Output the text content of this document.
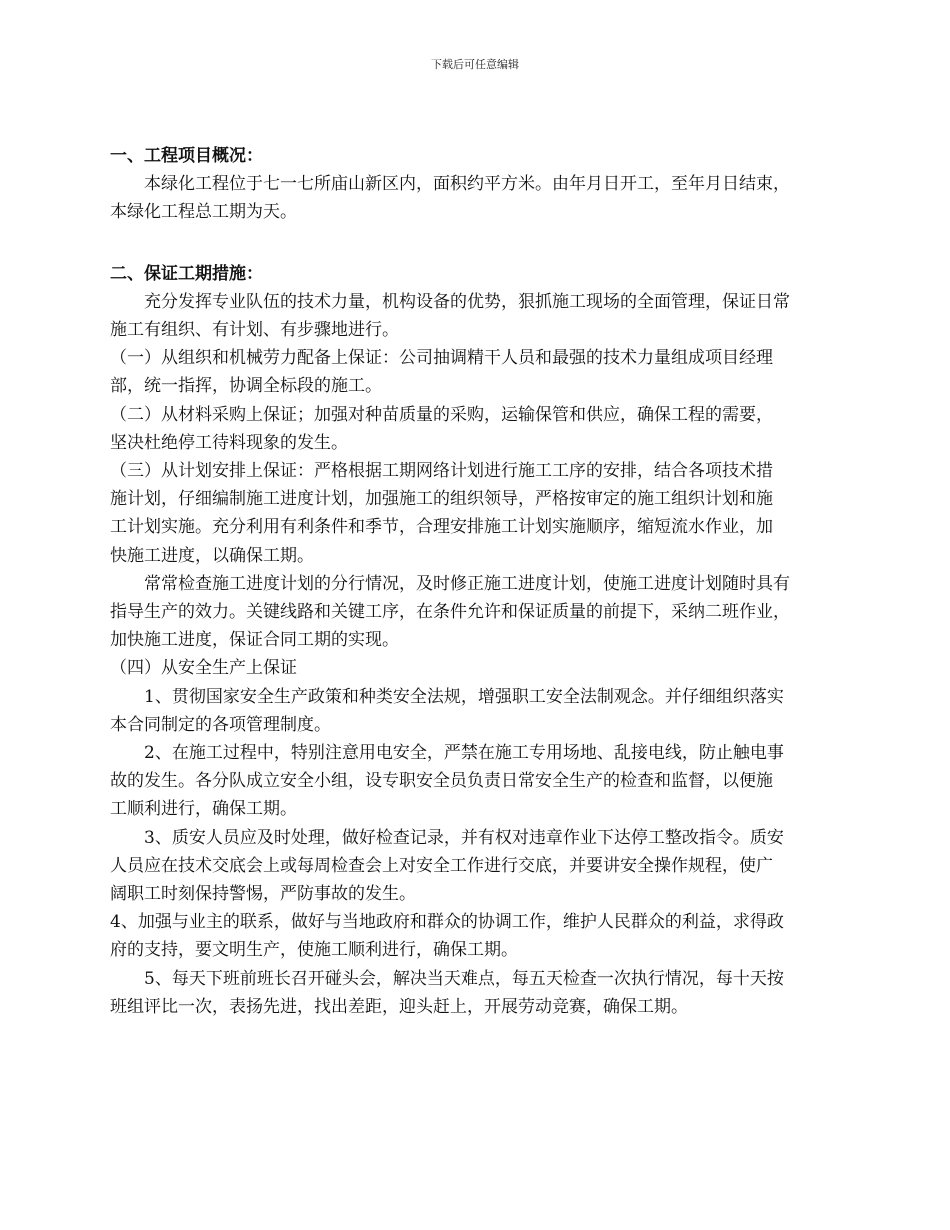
下载后可任意编辑

一、工程项目概况：

本绿化工程位于七一七所庙山新区内，面积约平方米。由年月日开工，至年月日结束，

本绿化工程总工期为天。

二、保证工期措施：

充分发挥专业队伍的技术力量，机构设备的优势，狠抓施工现场的全面管理，保证日常

施工有组织、有计划、有步骤地进行。

（一）从组织和机械劳力配备上保证：公司抽调精干人员和最强的技术力量组成项目经理

部，统一指挥，协调全标段的施工。

（二）从材料采购上保证；加强对种苗质量的采购，运输保管和供应，确保工程的需要，

坚决杜绝停工待料现象的发生。

（三）从计划安排上保证：严格根据工期网络计划进行施工工序的安排，结合各项技术措

施计划，仔细编制施工进度计划，加强施工的组织领导，严格按审定的施工组织计划和施

工计划实施。充分利用有利条件和季节，合理安排施工计划实施顺序，缩短流水作业，加

快施工进度，以确保工期。

常常检查施工进度计划的分行情况，及时修正施工进度计划，使施工进度计划随时具有

指导生产的效力。关键线路和关键工序，在条件允许和保证质量的前提下，采纳二班作业，

加快施工进度，保证合同工期的实现。

（四）从安全生产上保证

1、贯彻国家安全生产政策和种类安全法规，增强职工安全法制观念。并仔细组织落实

本合同制定的各项管理制度。

2、在施工过程中，特别注意用电安全，严禁在施工专用场地、乱接电线，防止触电事

故的发生。各分队成立安全小组，设专职安全员负责日常安全生产的检查和监督，以便施

工顺利进行，确保工期。

3、质安人员应及时处理，做好检查记录，并有权对违章作业下达停工整改指令。质安

人员应在技术交底会上或每周检查会上对安全工作进行交底，并要讲安全操作规程，使广

阔职工时刻保持警惕，严防事故的发生。

4、加强与业主的联系，做好与当地政府和群众的协调工作，维护人民群众的利益，求得政

府的支持，要文明生产，使施工顺利进行，确保工期。

5、每天下班前班长召开碰头会，解决当天难点，每五天检查一次执行情况，每十天按

班组评比一次，表扬先进，找出差距，迎头赶上，开展劳动竞赛，确保工期。
